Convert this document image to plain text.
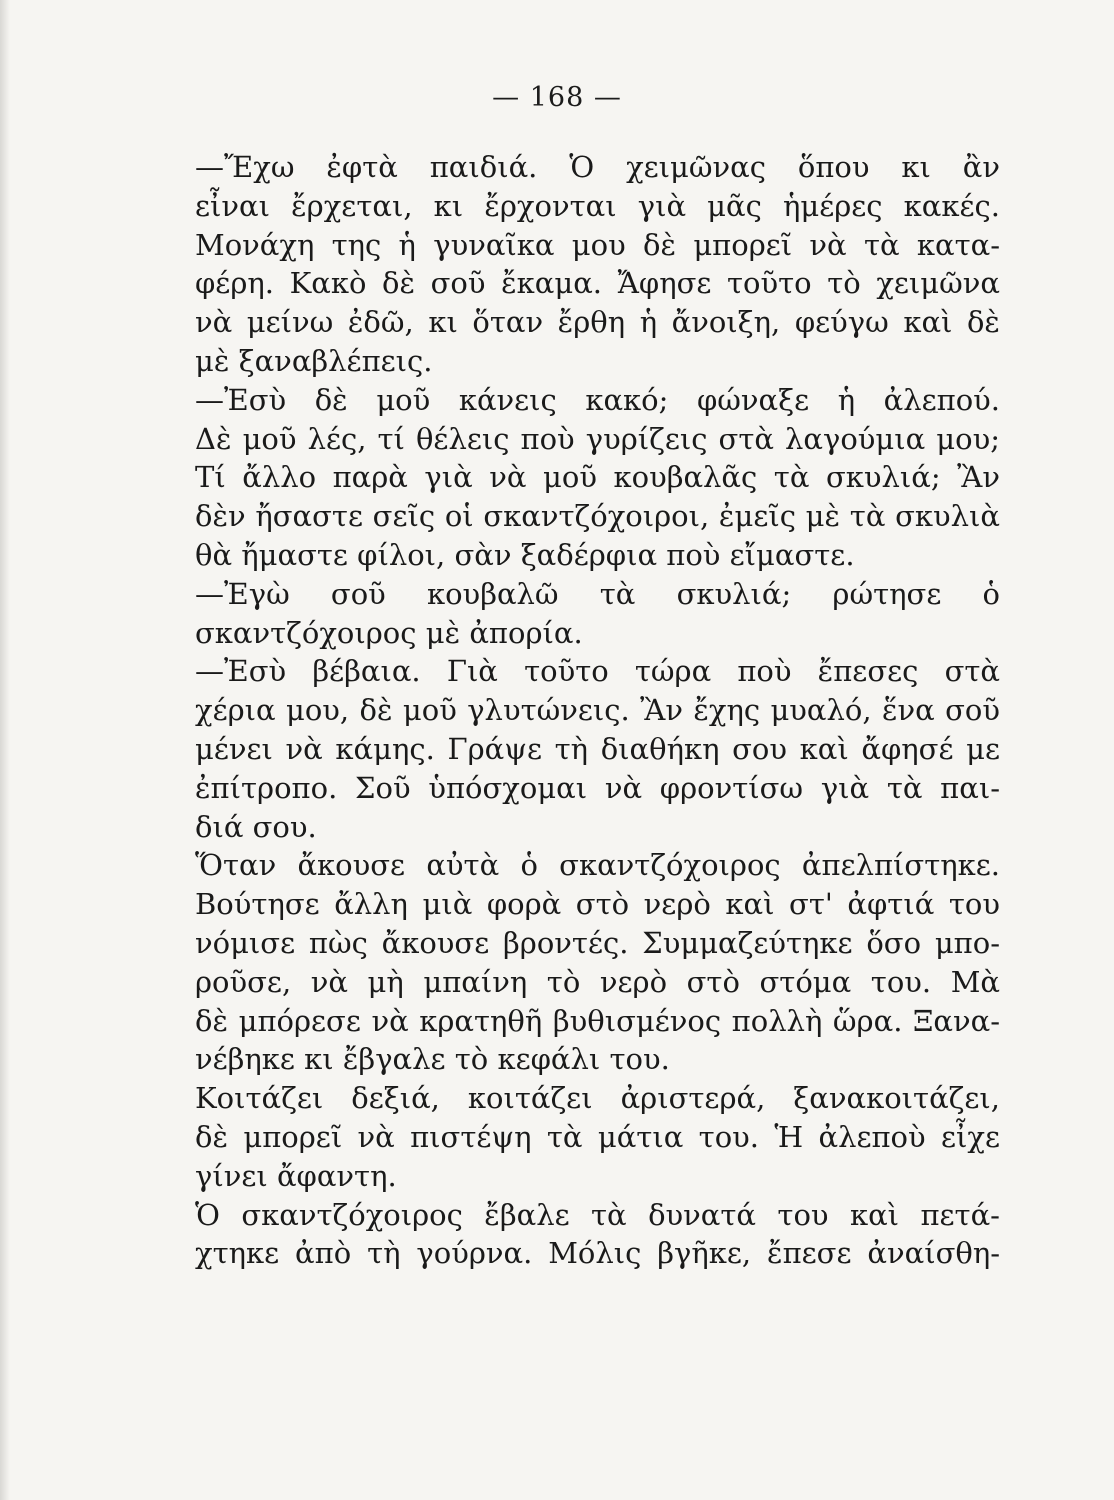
— 168 —
—Ἔχω ἐφτὰ παιδιά. Ὁ χειμῶνας ὅπου κι ἂν
εἶναι ἔρχεται, κι ἔρχονται γιὰ μᾶς ἡμέρες κακές.
Μονάχη της ἡ γυναῖκα μου δὲ μπορεῖ νὰ τὰ κατα-
φέρη. Κακὸ δὲ σοῦ ἔκαμα. Ἄφησε τοῦτο τὸ χειμῶνα
νὰ μείνω ἐδῶ, κι ὅταν ἔρθη ἡ ἄνοιξη, φεύγω καὶ δὲ
μὲ ξαναβλέπεις.
—Ἐσὺ δὲ μοῦ κάνεις κακό; φώναξε ἡ ἀλεπού.
Δὲ μοῦ λές, τί θέλεις ποὺ γυρίζεις στὰ λαγούμια μου;
Τί ἄλλο παρὰ γιὰ νὰ μοῦ κουβαλᾶς τὰ σκυλιά; Ἂν
δὲν ἤσαστε σεῖς οἱ σκαντζόχοιροι, ἐμεῖς μὲ τὰ σκυλιὰ
θὰ ἤμαστε φίλοι, σὰν ξαδέρφια ποὺ εἴμαστε.
—Ἐγὼ σοῦ κουβαλῶ τὰ σκυλιά; ρώτησε ὁ
σκαντζόχοιρος μὲ ἀπορία.
—Ἐσὺ βέβαια. Γιὰ τοῦτο τώρα ποὺ ἔπεσες στὰ
χέρια μου, δὲ μοῦ γλυτώνεις. Ἂν ἔχης μυαλό, ἕνα σοῦ
μένει νὰ κάμης. Γράψε τὴ διαθήκη σου καὶ ἄφησέ με
ἐπίτροπο. Σοῦ ὑπόσχομαι νὰ φροντίσω γιὰ τὰ παι-
διά σου.
Ὅταν ἄκουσε αὐτὰ ὁ σκαντζόχοιρος ἀπελπίστηκε.
Βούτησε ἄλλη μιὰ φορὰ στὸ νερὸ καὶ στ' ἀφτιά του
νόμισε πὼς ἄκουσε βροντές. Συμμαζεύτηκε ὅσο μπο-
ροῦσε, νὰ μὴ μπαίνη τὸ νερὸ στὸ στόμα του. Μὰ
δὲ μπόρεσε νὰ κρατηθῆ βυθισμένος πολλὴ ὥρα. Ξανα-
νέβηκε κι ἔβγαλε τὸ κεφάλι του.
Κοιτάζει δεξιά, κοιτάζει ἀριστερά, ξανακοιτάζει,
δὲ μπορεῖ νὰ πιστέψη τὰ μάτια του. Ἡ ἀλεποὺ εἶχε
γίνει ἄφαντη.
Ὁ σκαντζόχοιρος ἔβαλε τὰ δυνατά του καὶ πετά-
χτηκε ἀπὸ τὴ γούρνα. Μόλις βγῆκε, ἔπεσε ἀναίσθη-
